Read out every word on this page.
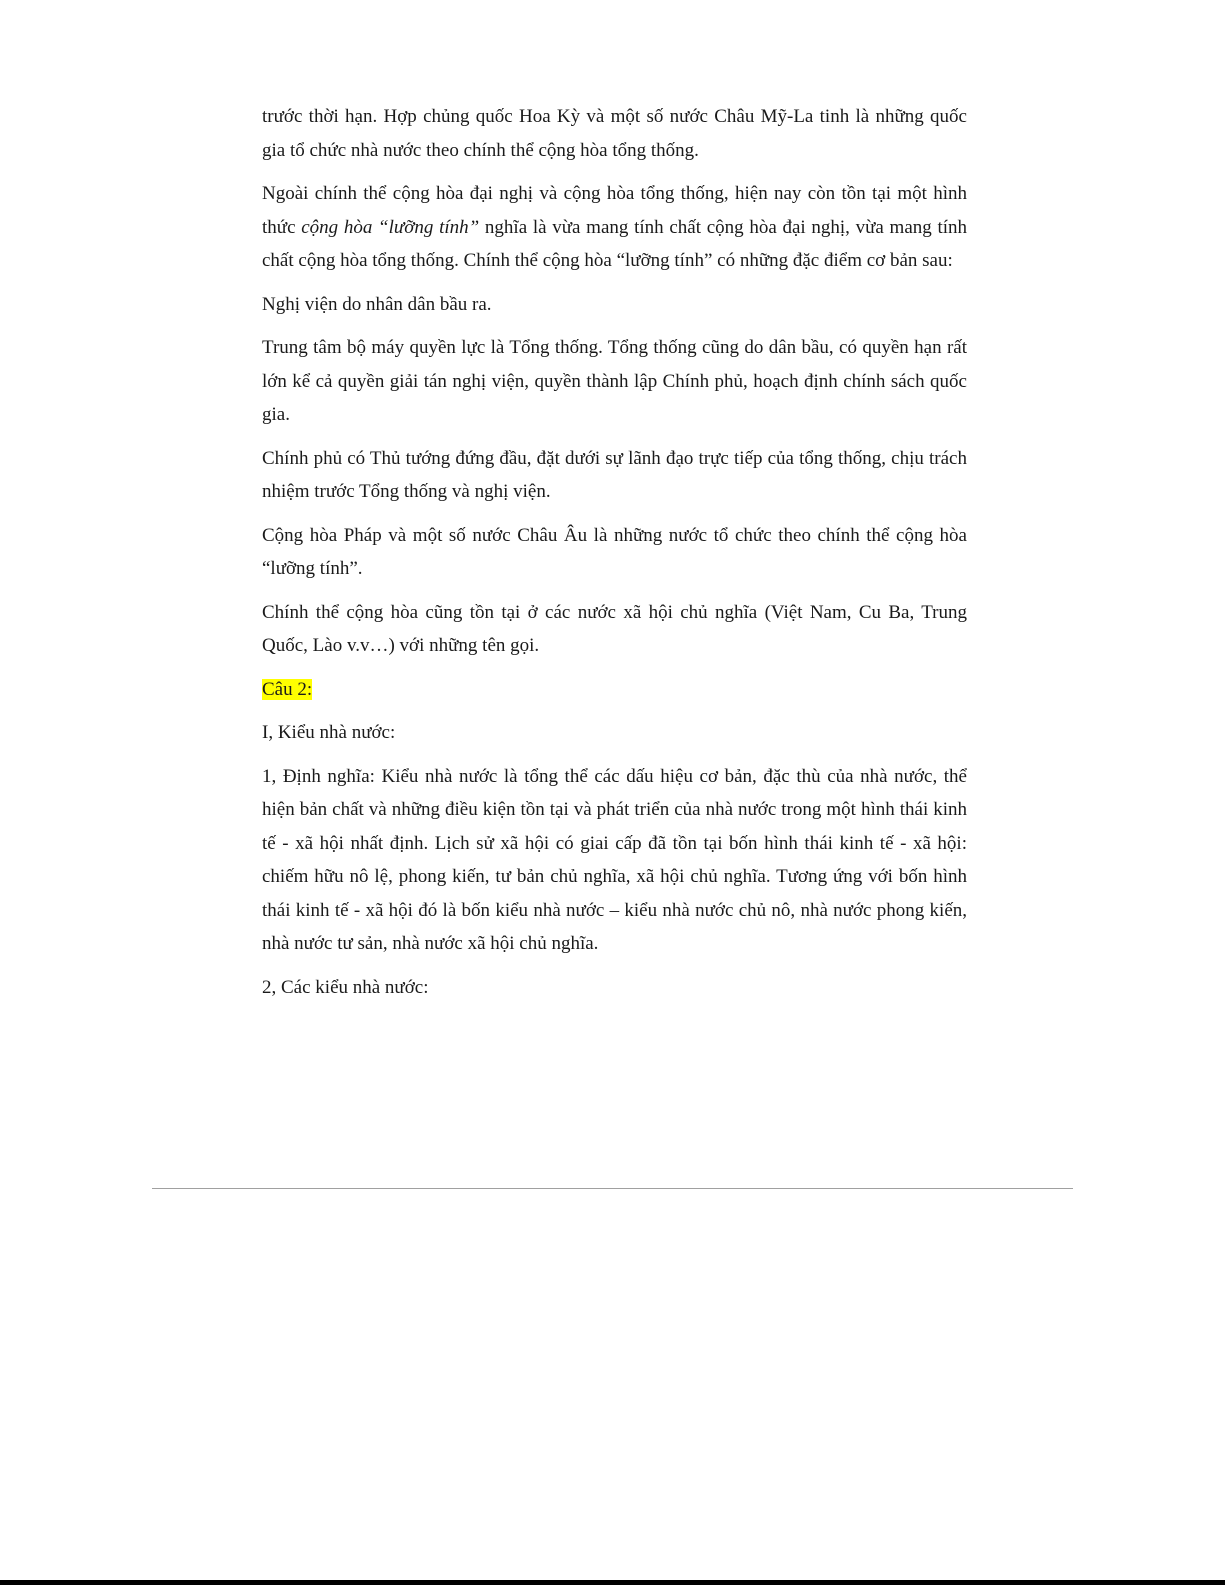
trước thời hạn. Hợp chủng quốc Hoa Kỳ và một số nước Châu Mỹ-La tinh là những quốc gia tổ chức nhà nước theo chính thể cộng hòa tổng thống.

Ngoài chính thể cộng hòa đại nghị và cộng hòa tổng thống, hiện nay còn tồn tại một hình thức cộng hòa “lưỡng tính” nghĩa là vừa mang tính chất cộng hòa đại nghị, vừa mang tính chất cộng hòa tổng thống. Chính thể cộng hòa “lưỡng tính” có những đặc điểm cơ bản sau:

Nghị viện do nhân dân bầu ra.

Trung tâm bộ máy quyền lực là Tổng thống. Tổng thống cũng do dân bầu, có quyền hạn rất lớn kể cả quyền giải tán nghị viện, quyền thành lập Chính phủ, hoạch định chính sách quốc gia.

Chính phủ có Thủ tướng đứng đầu, đặt dưới sự lãnh đạo trực tiếp của tổng thống, chịu trách nhiệm trước Tổng thống và nghị viện.

Cộng hòa Pháp và một số nước Châu Âu là những nước tổ chức theo chính thể cộng hòa “lưỡng tính”.

Chính thể cộng hòa cũng tồn tại ở các nước xã hội chủ nghĩa (Việt Nam, Cu Ba, Trung Quốc, Lào v.v…) với những tên gọi.

Câu 2:

I, Kiểu nhà nước:

1, Định nghĩa: Kiểu nhà nước là tổng thể các dấu hiệu cơ bản, đặc thù của nhà nước, thể hiện bản chất và những điều kiện tồn tại và phát triển của nhà nước trong một hình thái kinh tế - xã hội nhất định. Lịch sử xã hội có giai cấp đã tồn tại bốn hình thái kinh tế - xã hội: chiếm hữu nô lệ, phong kiến, tư bản chủ nghĩa, xã hội chủ nghĩa. Tương ứng với bốn hình thái kinh tế - xã hội đó là bốn kiểu nhà nước – kiểu nhà nước chủ nô, nhà nước phong kiến, nhà nước tư sản, nhà nước xã hội chủ nghĩa.

2, Các kiểu nhà nước:
